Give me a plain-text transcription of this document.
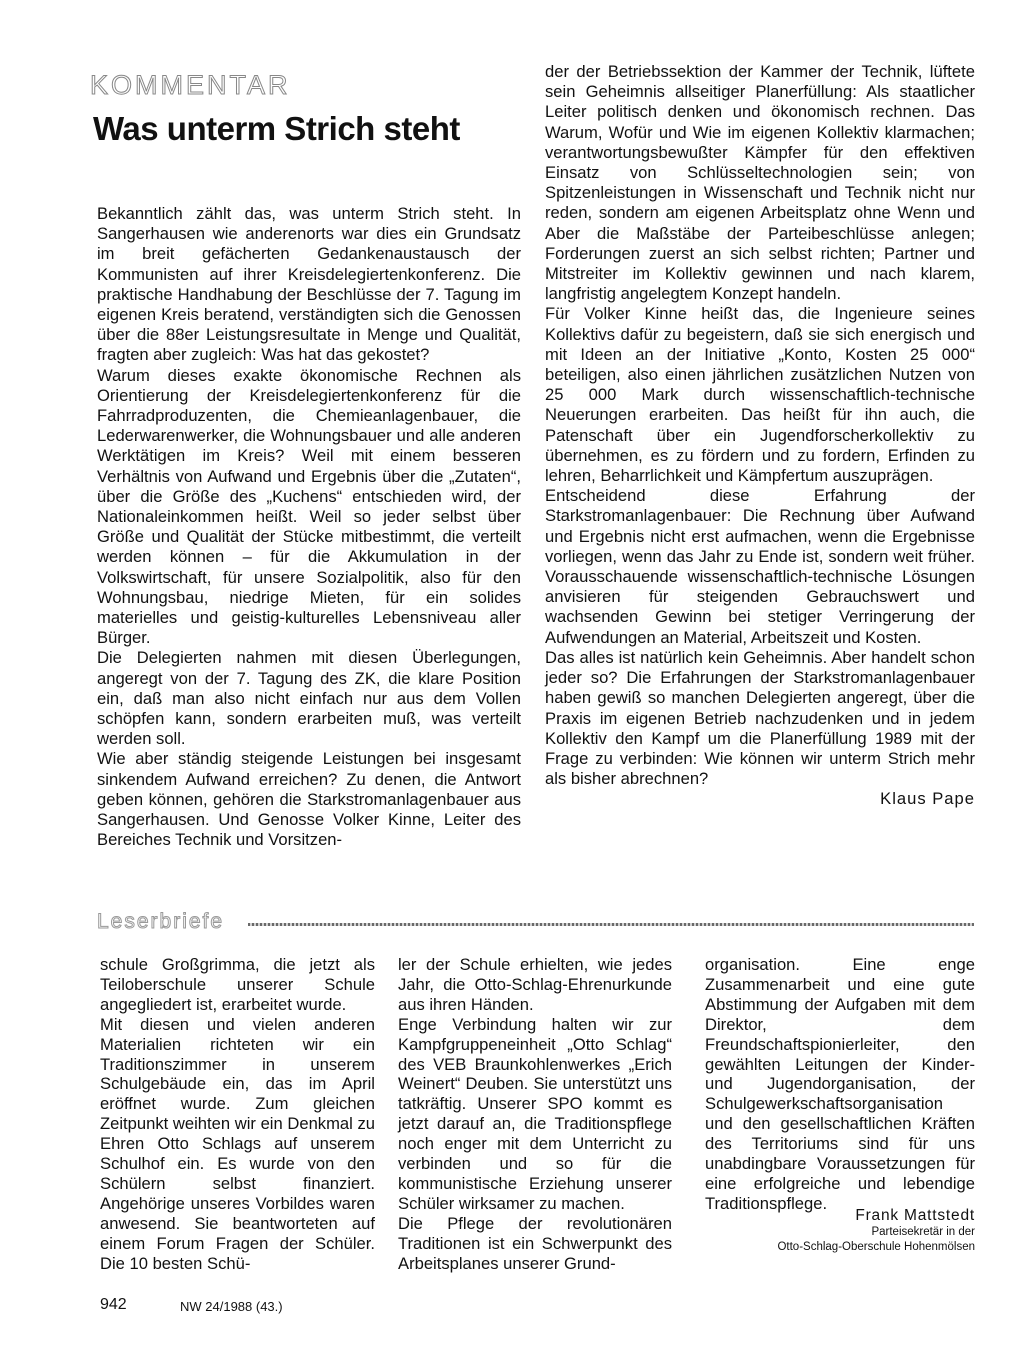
KOMMENTAR
Was unterm Strich steht

Bekanntlich zählt das, was unterm Strich steht. In Sangerhausen wie anderenorts war dies ein Grundsatz im breit gefächerten Gedankenaustausch der Kommunisten auf ihrer Kreisdelegiertenkonferenz. Die praktische Handhabung der Beschlüsse der 7. Tagung im eigenen Kreis beratend, verständigten sich die Genossen über die 88er Leistungsresultate in Menge und Qualität, fragten aber zugleich: Was hat das gekostet?

Warum dieses exakte ökonomische Rechnen als Orientierung der Kreisdelegiertenkonferenz für die Fahrradproduzenten, die Chemieanlagenbauer, die Lederwarenwerker, die Wohnungsbauer und alle anderen Werktätigen im Kreis? Weil mit einem besseren Verhältnis von Aufwand und Ergebnis über die „Zutaten“, über die Größe des „Kuchens“ entschieden wird, der Nationaleinkommen heißt. Weil so jeder selbst über Größe und Qualität der Stücke mitbestimmt, die verteilt werden können – für die Akkumulation in der Volkswirtschaft, für unsere Sozialpolitik, also für den Wohnungsbau, niedrige Mieten, für ein solides materielles und geistig-kulturelles Lebensniveau aller Bürger.

Die Delegierten nahmen mit diesen Überlegungen, angeregt von der 7. Tagung des ZK, die klare Position ein, daß man also nicht einfach nur aus dem Vollen schöpfen kann, sondern erarbeiten muß, was verteilt werden soll.

Wie aber ständig steigende Leistungen bei insgesamt sinkendem Aufwand erreichen? Zu denen, die Antwort geben können, gehören die Starkstromanlagenbauer aus Sangerhausen. Und Genosse Volker Kinne, Leiter des Bereiches Technik und Vorsitzen-

der der Betriebssektion der Kammer der Technik, lüftete sein Geheimnis allseitiger Planerfüllung: Als staatlicher Leiter politisch denken und ökonomisch rechnen. Das Warum, Wofür und Wie im eigenen Kollektiv klarmachen; verantwortungsbewußter Kämpfer für den effektiven Einsatz von Schlüsseltechnologien sein; von Spitzenleistungen in Wissenschaft und Technik nicht nur reden, sondern am eigenen Arbeitsplatz ohne Wenn und Aber die Maßstäbe der Parteibeschlüsse anlegen; Forderungen zuerst an sich selbst richten; Partner und Mitstreiter im Kollektiv gewinnen und nach klarem, langfristig angelegtem Konzept handeln.

Für Volker Kinne heißt das, die Ingenieure seines Kollektivs dafür zu begeistern, daß sie sich energisch und mit Ideen an der Initiative „Konto, Kosten 25 000“ beteiligen, also einen jährlichen zusätzlichen Nutzen von 25 000 Mark durch wissenschaftlich-technische Neuerungen erarbeiten. Das heißt für ihn auch, die Patenschaft über ein Jugendforscherkollektiv zu übernehmen, es zu fördern und zu fordern, Erfinden zu lehren, Beharrlichkeit und Kämpfertum auszuprägen.

Entscheidend diese Erfahrung der Starkstromanlagenbauer: Die Rechnung über Aufwand und Ergebnis nicht erst aufmachen, wenn die Ergebnisse vorliegen, wenn das Jahr zu Ende ist, sondern weit früher. Vorausschauende wissenschaftlich-technische Lösungen anvisieren für steigenden Gebrauchswert und wachsenden Gewinn bei stetiger Verringerung der Aufwendungen an Material, Arbeitszeit und Kosten.

Das alles ist natürlich kein Geheimnis. Aber handelt schon jeder so? Die Erfahrungen der Starkstromanlagenbauer haben gewiß so manchen Delegierten angeregt, über die Praxis im eigenen Betrieb nachzudenken und in jedem Kollektiv den Kampf um die Planerfüllung 1989 mit der Frage zu verbinden: Wie können wir unterm Strich mehr als bisher abrechnen?

Klaus Pape

Leserbriefe

schule Großgrimma, die jetzt als Teiloberschule unserer Schule angegliedert ist, erarbeitet wurde.

Mit diesen und vielen anderen Materialien richteten wir ein Traditionszimmer in unserem Schulgebäude ein, das im April eröffnet wurde. Zum gleichen Zeitpunkt weihten wir ein Denkmal zu Ehren Otto Schlags auf unserem Schulhof ein. Es wurde von den Schülern selbst finanziert. Angehörige unseres Vorbildes waren anwesend. Sie beantworteten auf einem Forum Fragen der Schüler. Die 10 besten Schü-

ler der Schule erhielten, wie jedes Jahr, die Otto-Schlag-Ehrenurkunde aus ihren Händen.

Enge Verbindung halten wir zur Kampfgruppeneinheit „Otto Schlag“ des VEB Braunkohlenwerkes „Erich Weinert“ Deuben. Sie unterstützt uns tatkräftig. Unserer SPO kommt es jetzt darauf an, die Traditionspflege noch enger mit dem Unterricht zu verbinden und so für die kommunistische Erziehung unserer Schüler wirksamer zu machen.

Die Pflege der revolutionären Traditionen ist ein Schwerpunkt des Arbeitsplanes unserer Grund-

organisation. Eine enge Zusammenarbeit und eine gute Abstimmung der Aufgaben mit dem Direktor, dem Freundschaftspionierleiter, den gewählten Leitungen der Kinder- und Jugendorganisation, der Schulgewerkschaftsorganisation und den gesellschaftlichen Kräften des Territoriums sind für uns unabdingbare Voraussetzungen für eine erfolgreiche und lebendige Traditionspflege.

Frank Mattstedt
Parteisekretär in der
Otto-Schlag-Oberschule Hohenmölsen
942	NW 24/1988 (43.)
